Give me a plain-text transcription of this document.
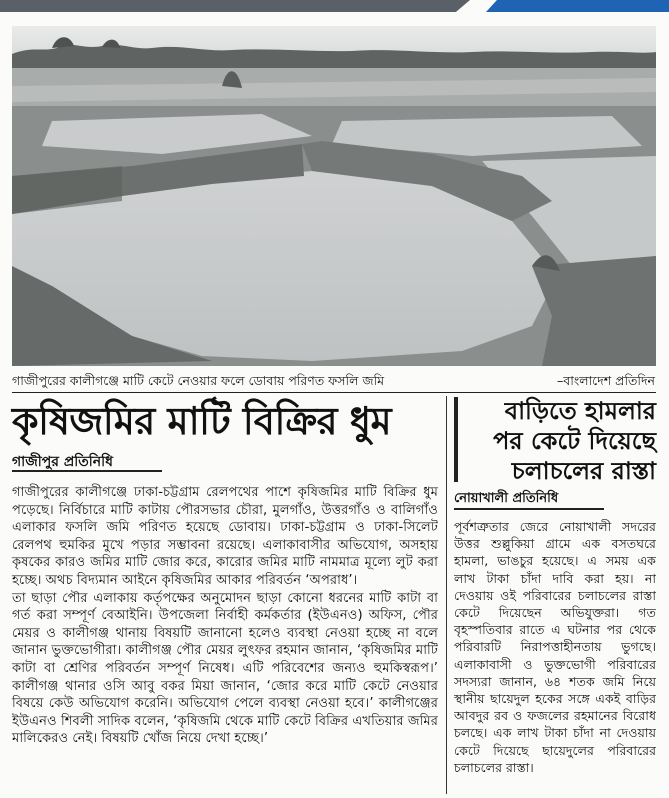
গাজীপুরের কালীগঞ্জে মাটি কেটে নেওয়ার ফলে ডোবায় পরিণত ফসলি জমি	–বাংলাদেশ প্রতিদিন
কৃষিজমির মাটি বিক্রির ধুম
গাজীপুর প্রতিনিধি

গাজীপুরের কালীগঞ্জে ঢাকা-চট্টগ্রাম রেলপথের পাশে কৃষিজমির মাটি বিক্রির ধুম পড়েছে। নির্বিচারে মাটি কাটায় পৌরসভার চৌরা, মুলগাঁও, উত্তরগাঁও ও বালিগাঁও এলাকার ফসলি জমি পরিণত হয়েছে ডোবায়। ঢাকা-চট্টগ্রাম ও ঢাকা-সিলেট রেলপথ হুমকির মুখে পড়ার সম্ভাবনা রয়েছে। এলাকাবাসীর অভিযোগ, অসহায় কৃষকের কারও জমির মাটি জোর করে, কারোর জমির মাটি নামমাত্র মূল্যে লুট করা হচ্ছে। অথচ বিদ্যমান আইনে কৃষিজমির আকার পরিবর্তন ‘অপরাধ’।

তা ছাড়া পৌর এলাকায় কর্তৃপক্ষের অনুমোদন ছাড়া কোনো ধরনের মাটি কাটা বা গর্ত করা সম্পূর্ণ বেআইনি। উপজেলা নির্বাহী কর্মকর্তার (ইউএনও) অফিস, পৌর মেয়র ও কালীগঞ্জ থানায় বিষয়টি জানানো হলেও ব্যবস্থা নেওয়া হচ্ছে না বলে জানান ভুক্তভোগীরা। কালীগঞ্জ পৌর মেয়র লুৎফর রহমান জানান, ‘কৃষিজমির মাটি কাটা বা শ্রেণির পরিবর্তন সম্পূর্ণ নিষেধ। এটি পরিবেশের জন্যও হুমকিস্বরূপ।’ কালীগঞ্জ থানার ওসি আবু বকর মিয়া জানান, ‘জোর করে মাটি কেটে নেওয়ার বিষয়ে কেউ অভিযোগ করেনি। অভিযোগ পেলে ব্যবস্থা নেওয়া হবে।’ কালীগঞ্জের ইউএনও শিবলী সাদিক বলেন, ‘কৃষিজমি থেকে মাটি কেটে বিক্রির এখতিয়ার জমির মালিকেরও নেই। বিষয়টি খোঁজ নিয়ে দেখা হচ্ছে।’

বাড়িতে হামলার
পর কেটে দিয়েছে
চলাচলের রাস্তা
নোয়াখালী প্রতিনিধি

পূর্বশত্রুতার জেরে নোয়াখালী সদরের উত্তর শুল্লুকিয়া গ্রামে এক বসতঘরে হামলা, ভাঙচুর হয়েছে। এ সময় এক লাখ টাকা চাঁদা দাবি করা হয়। না দেওয়ায় ওই পরিবারের চলাচলের রাস্তা কেটে দিয়েছেন অভিযুক্তরা। গত বৃহস্পতিবার রাতে এ ঘটনার পর থেকে পরিবারটি নিরাপত্তাহীনতায় ভুগছে। এলাকাবাসী ও ভুক্তভোগী পরিবারের সদস্যরা জানান, ৬৪ শতক জমি নিয়ে স্থানীয় ছায়েদুল হকের সঙ্গে একই বাড়ির আবদুর রব ও ফজলের রহমানের বিরোধ চলছে। এক লাখ টাকা চাঁদা না দেওয়ায় কেটে দিয়েছে ছায়েদুলের পরিবারের চলাচলের রাস্তা।
